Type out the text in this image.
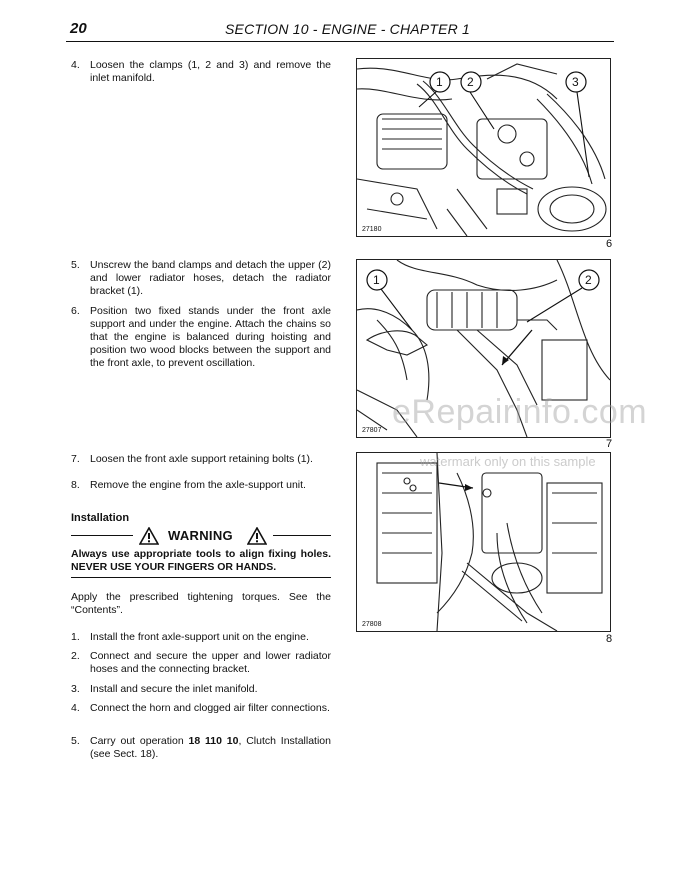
20	SECTION 10 - ENGINE - CHAPTER 1
4. Loosen the clamps (1, 2 and 3) and remove the inlet manifold.
5. Unscrew the band clamps and detach the upper (2) and lower radiator hoses, detach the radiator bracket (1).
6. Position two fixed stands under the front axle support and under the engine. Attach the chains so that the engine is balanced during hoisting and position two wood blocks between the support and the front axle, to prevent oscillation.
7. Loosen the front axle support retaining bolts (1).
8. Remove the engine from the axle-support unit.
Installation
WARNING
Always use appropriate tools to align fixing holes. NEVER USE YOUR FINGERS OR HANDS.
Apply the prescribed tightening torques. See the “Contents”.
1. Install the front axle-support unit on the engine.
2. Connect and secure the upper and lower radiator hoses and the connecting bracket.
3. Install and secure the inlet manifold.
4. Connect the horn and clogged air filter connections.
5. Carry out operation 18 110 10, Clutch Installation (see Sect. 18).
1 2	3
27180
6
1	2
27807
7
27808
8
eRepairinfo.com
watermark only on this sample
